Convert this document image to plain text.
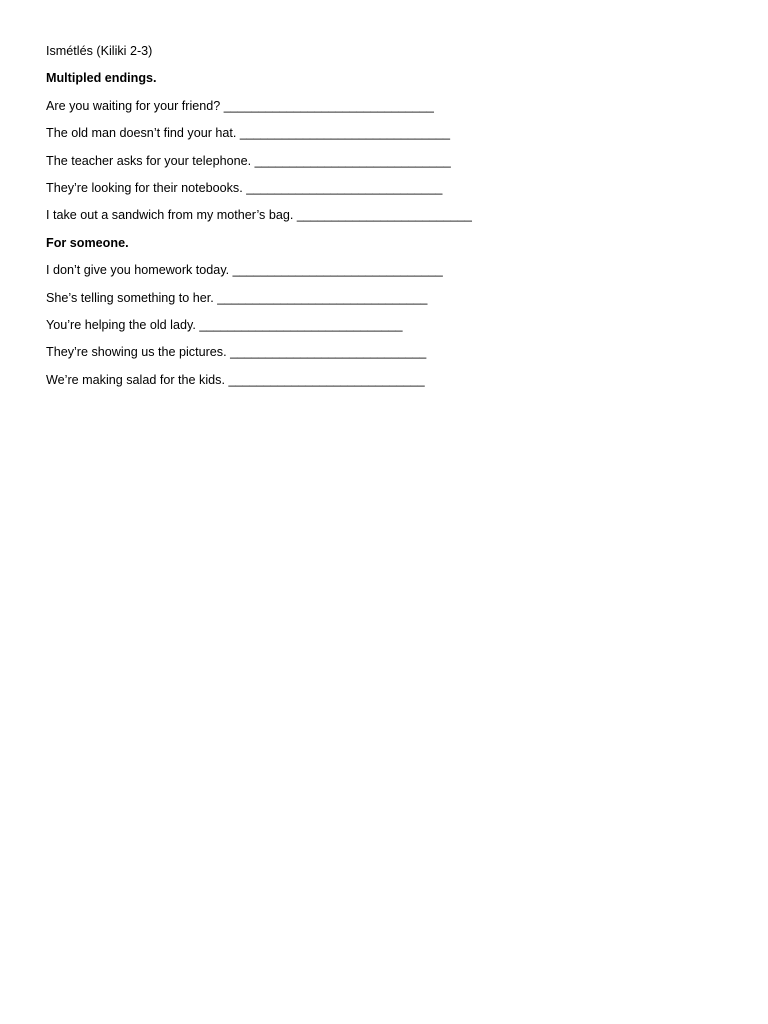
Ismétlés (Kiliki 2-3)
Multipled endings.
Are you waiting for your friend? ______________________________
The old man doesn’t find your hat. ______________________________
The teacher asks for your telephone. ____________________________
They’re looking for their notebooks. ____________________________
I take out a sandwich from my mother’s bag. _________________________
For someone.
I don’t give you homework today. ______________________________
She’s telling something to her. ______________________________
You’re helping the old lady. _____________________________
They’re showing us the pictures. ____________________________
We’re making salad for the kids. ____________________________
